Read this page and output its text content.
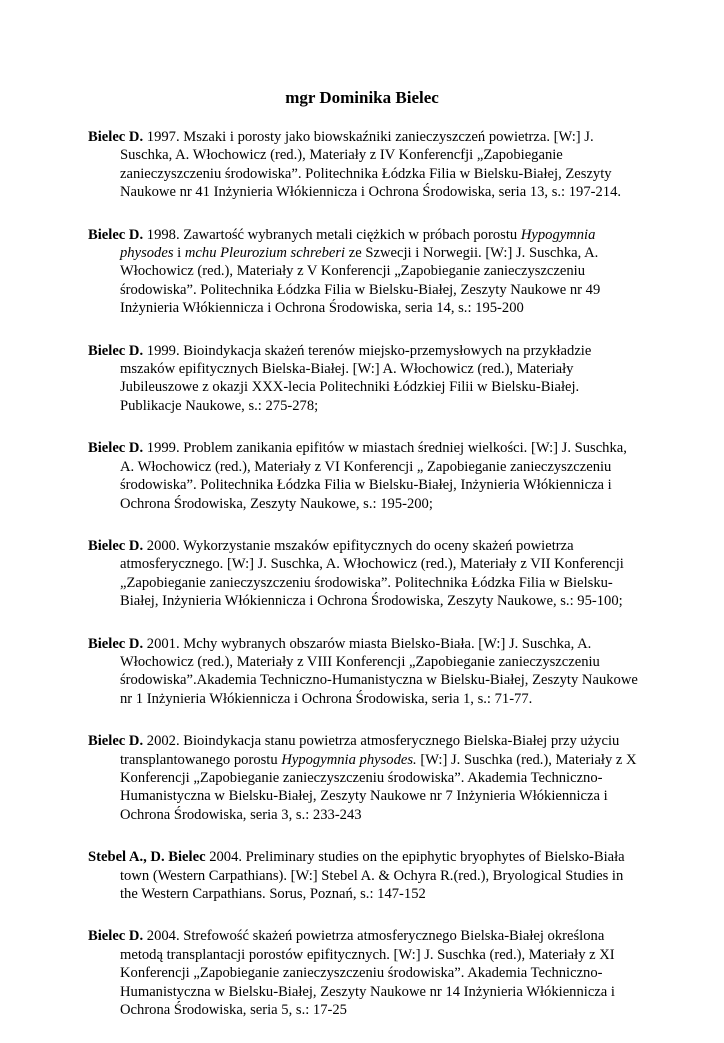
mgr Dominika Bielec

Bielec D. 1997. Mszaki i porosty jako biowskaźniki zanieczyszczeń powietrza. [W:] J. Suschka, A. Włochowicz (red.), Materiały z IV Konferencfji „Zapobieganie zanieczyszczeniu środowiska”. Politechnika Łódzka Filia w Bielsku-Białej, Zeszyty Naukowe nr 41 Inżynieria Włókiennicza i Ochrona Środowiska, seria 13, s.: 197-214.

Bielec D. 1998. Zawartość wybranych metali ciężkich w próbach porostu Hypogymnia physodes i mchu Pleurozium schreberi ze Szwecji i Norwegii. [W:] J. Suschka, A. Włochowicz (red.), Materiały z V Konferencji „Zapobieganie zanieczyszczeniu środowiska”. Politechnika Łódzka Filia w Bielsku-Białej, Zeszyty Naukowe nr 49 Inżynieria Włókiennicza i Ochrona Środowiska, seria 14, s.: 195-200

Bielec D. 1999. Bioindykacja skażeń terenów miejsko-przemysłowych na przykładzie mszaków epifitycznych Bielska-Białej. [W:] A. Włochowicz (red.), Materiały Jubileuszowe z okazji XXX-lecia Politechniki Łódzkiej Filii w Bielsku-Białej. Publikacje Naukowe, s.: 275-278;

Bielec D. 1999. Problem zanikania epifitów w miastach średniej wielkości. [W:] J. Suschka, A. Włochowicz (red.), Materiały z VI Konferencji „ Zapobieganie zanieczyszczeniu środowiska”. Politechnika Łódzka Filia w Bielsku-Białej, Inżynieria Włókiennicza i Ochrona Środowiska, Zeszyty Naukowe, s.: 195-200;

Bielec D. 2000. Wykorzystanie mszaków epifitycznych do oceny skażeń powietrza atmosferycznego. [W:] J. Suschka, A. Włochowicz (red.), Materiały z VII Konferencji „Zapobieganie zanieczyszczeniu środowiska”. Politechnika Łódzka Filia w Bielsku-Białej, Inżynieria Włókiennicza i Ochrona Środowiska, Zeszyty Naukowe, s.: 95-100;

Bielec D. 2001. Mchy wybranych obszarów miasta Bielsko-Biała. [W:] J. Suschka, A. Włochowicz (red.), Materiały z VIII Konferencji „Zapobieganie zanieczyszczeniu środowiska”.Akademia Techniczno-Humanistyczna w Bielsku-Białej, Zeszyty Naukowe nr 1 Inżynieria Włókiennicza i Ochrona Środowiska, seria 1, s.: 71-77.

Bielec D. 2002. Bioindykacja stanu powietrza atmosferycznego Bielska-Białej przy użyciu transplantowanego porostu Hypogymnia physodes. [W:] J. Suschka (red.), Materiały z X Konferencji „Zapobieganie zanieczyszczeniu środowiska”. Akademia Techniczno-Humanistyczna w Bielsku-Białej, Zeszyty Naukowe nr 7 Inżynieria Włókiennicza i Ochrona Środowiska, seria 3, s.: 233-243

Stebel A., D. Bielec 2004. Preliminary studies on the epiphytic bryophytes of Bielsko-Biała town (Western Carpathians). [W:] Stebel A. & Ochyra R.(red.), Bryological Studies in the Western Carpathians. Sorus, Poznań, s.: 147-152

Bielec D. 2004. Strefowość skażeń powietrza atmosferycznego Bielska-Białej określona metodą transplantacji porostów epifitycznych. [W:] J. Suschka (red.), Materiały z XI Konferencji „Zapobieganie zanieczyszczeniu środowiska”. Akademia Techniczno-Humanistyczna w Bielsku-Białej, Zeszyty Naukowe nr 14 Inżynieria Włókiennicza i Ochrona Środowiska, seria 5, s.: 17-25
